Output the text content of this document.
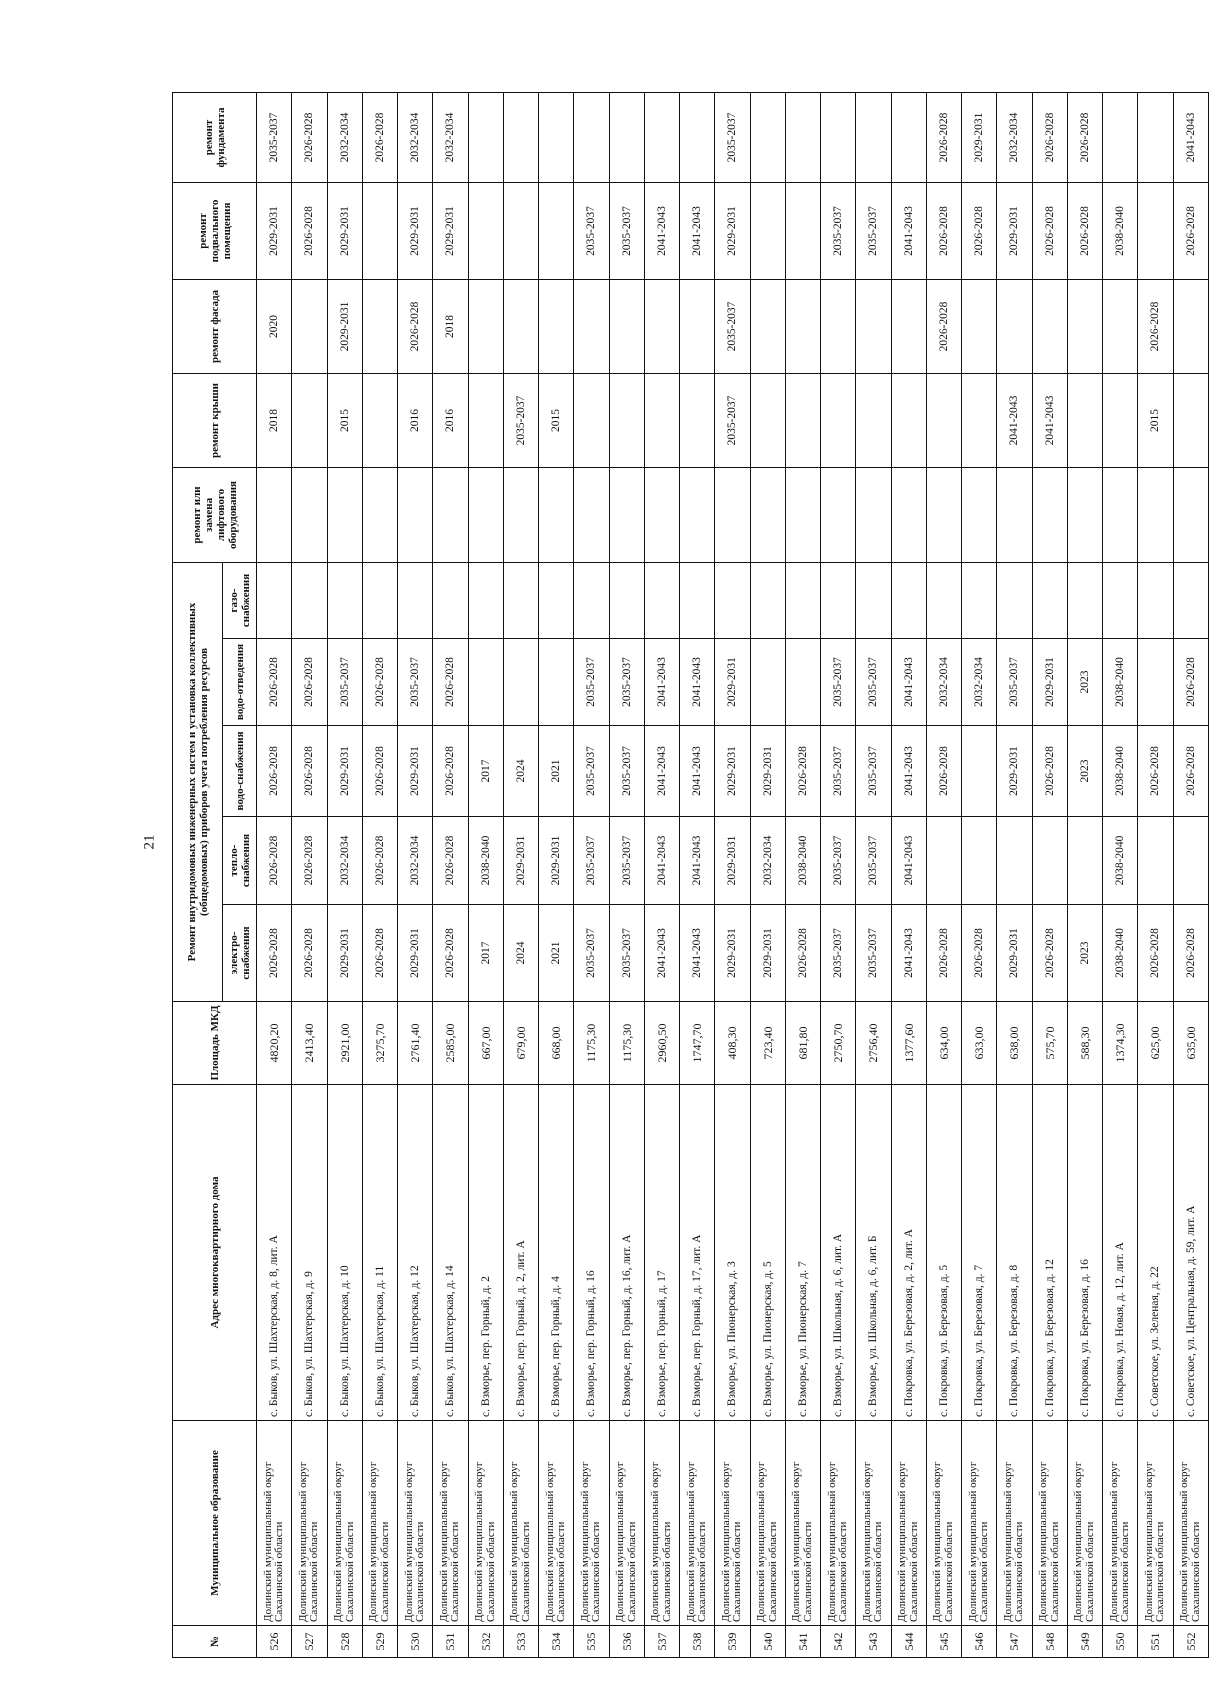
21
№	Муниципальное образование	Адрес многоквартирного дома	Площадь МКД	Ремонт внутридомовых инженерных систем и установка коллективных (общедомовых) приборов учета потребления ресурсов					ремонт или замена лифтового оборудования	ремонт крыши	ремонт фасада	ремонт подвального помещения	ремонт фундамента
				электро-снабжения	тепло-снабжения	водо-снабжения	водо-отведения	газо-снабжения					
526	Долинский муниципальный округ Сахалинской области	с. Быков, ул. Шахтерская, д. 8, лит. А	4820,20	2026-2028	2026-2028	2026-2028	2026-2028			2018	2020	2029-2031	2035-2037
527	Долинский муниципальный округ Сахалинской области	с. Быков, ул. Шахтерская, д. 9	2413,40	2026-2028	2026-2028	2026-2028	2026-2028					2026-2028	2026-2028
528	Долинский муниципальный округ Сахалинской области	с. Быков, ул. Шахтерская, д. 10	2921,00	2029-2031	2032-2034	2029-2031	2035-2037			2015	2029-2031	2029-2031	2032-2034
529	Долинский муниципальный округ Сахалинской области	с. Быков, ул. Шахтерская, д. 11	3275,70	2026-2028	2026-2028	2026-2028	2026-2028						2026-2028
530	Долинский муниципальный округ Сахалинской области	с. Быков, ул. Шахтерская, д. 12	2761,40	2029-2031	2032-2034	2029-2031	2035-2037			2016	2026-2028	2029-2031	2032-2034
531	Долинский муниципальный округ Сахалинской области	с. Быков, ул. Шахтерская, д. 14	2585,00	2026-2028	2026-2028	2026-2028	2026-2028			2016	2018	2029-2031	2032-2034
532	Долинский муниципальный округ Сахалинской области	с. Взморье, пер. Горный, д. 2	667,00	2017	2038-2040	2017							
533	Долинский муниципальный округ Сахалинской области	с. Взморье, пер. Горный, д. 2, лит. А	679,00	2024	2029-2031	2024				2035-2037			
534	Долинский муниципальный округ Сахалинской области	с. Взморье, пер. Горный, д. 4	668,00	2021	2029-2031	2021				2015			
535	Долинский муниципальный округ Сахалинской области	с. Взморье, пер. Горный, д. 16	1175,30	2035-2037	2035-2037	2035-2037	2035-2037					2035-2037	
536	Долинский муниципальный округ Сахалинской области	с. Взморье, пер. Горный, д. 16, лит. А	1175,30	2035-2037	2035-2037	2035-2037	2035-2037					2035-2037	
537	Долинский муниципальный округ Сахалинской области	с. Взморье, пер. Горный, д. 17	2960,50	2041-2043	2041-2043	2041-2043	2041-2043					2041-2043	
538	Долинский муниципальный округ Сахалинской области	с. Взморье, пер. Горный, д. 17, лит. А	1747,70	2041-2043	2041-2043	2041-2043	2041-2043					2041-2043	
539	Долинский муниципальный округ Сахалинской области	с. Взморье, ул. Пионерская, д. 3	408,30	2029-2031	2029-2031	2029-2031	2029-2031			2035-2037	2035-2037	2029-2031	2035-2037
540	Долинский муниципальный округ Сахалинской области	с. Взморье, ул. Пионерская, д. 5	723,40	2029-2031	2032-2034	2029-2031							
541	Долинский муниципальный округ Сахалинской области	с. Взморье, ул. Пионерская, д. 7	681,80	2026-2028	2038-2040	2026-2028							
542	Долинский муниципальный округ Сахалинской области	с. Взморье, ул. Школьная, д. 6, лит. А	2750,70	2035-2037	2035-2037	2035-2037	2035-2037					2035-2037	
543	Долинский муниципальный округ Сахалинской области	с. Взморье, ул. Школьная, д. 6, лит. Б	2756,40	2035-2037	2035-2037	2035-2037	2035-2037					2035-2037	
544	Долинский муниципальный округ Сахалинской области	с. Покровка, ул. Березовая, д. 2, лит. А	1377,60	2041-2043	2041-2043	2041-2043	2041-2043					2041-2043	
545	Долинский муниципальный округ Сахалинской области	с. Покровка, ул. Березовая, д. 5	634,00	2026-2028		2026-2028	2032-2034				2026-2028	2026-2028	2026-2028
546	Долинский муниципальный округ Сахалинской области	с. Покровка, ул. Березовая, д. 7	633,00	2026-2028			2032-2034					2026-2028	2029-2031
547	Долинский муниципальный округ Сахалинской области	с. Покровка, ул. Березовая, д. 8	638,00	2029-2031		2029-2031	2035-2037			2041-2043		2029-2031	2032-2034
548	Долинский муниципальный округ Сахалинской области	с. Покровка, ул. Березовая, д. 12	575,70	2026-2028		2026-2028	2029-2031			2041-2043		2026-2028	2026-2028
549	Долинский муниципальный округ Сахалинской области	с. Покровка, ул. Березовая, д. 16	588,30	2023		2023	2023					2026-2028	2026-2028
550	Долинский муниципальный округ Сахалинской области	с. Покровка, ул. Новая, д. 12, лит. А	1374,30	2038-2040	2038-2040	2038-2040	2038-2040					2038-2040	
551	Долинский муниципальный округ Сахалинской области	с. Советское, ул. Зеленая, д. 22	625,00	2026-2028		2026-2028				2015	2026-2028		
552	Долинский муниципальный округ Сахалинской области	с. Советское, ул. Центральная, д. 59, лит. А	635,00	2026-2028		2026-2028	2026-2028					2026-2028	2041-2043
